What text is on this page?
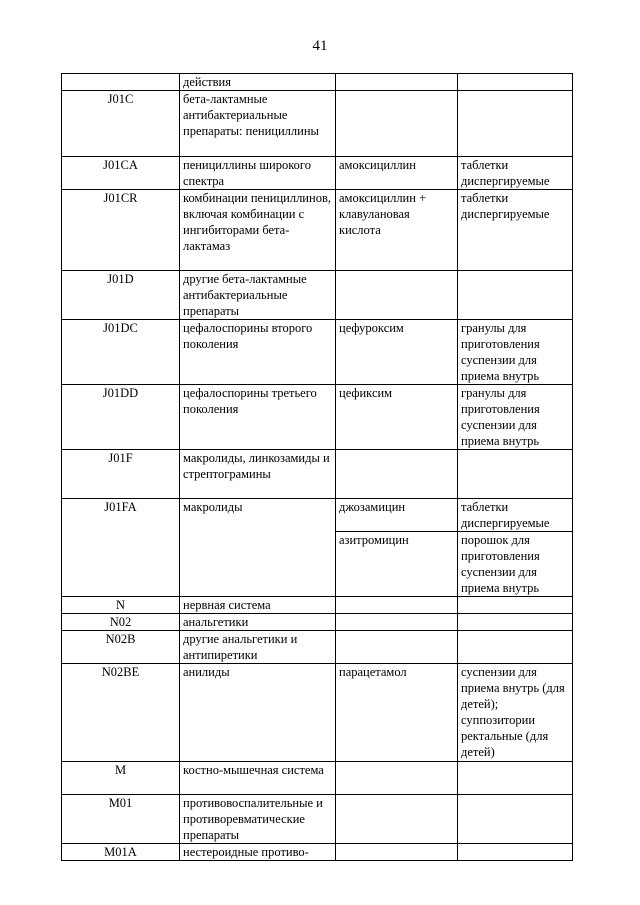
41
	действия		
J01C	бета-лактамные антибактериальные препараты: пенициллины		
J01CA	пенициллины широкого спектра	амоксициллин	таблетки диспергируемые
J01CR	комбинации пенициллинов, включая комбинации с ингибиторами бета-лактамаз	амоксициллин + клавулановая кислота	таблетки диспергируемые
J01D	другие бета-лактамные антибактериальные препараты		
J01DC	цефалоспорины второго поколения	цефуроксим	гранулы для приготовления суспензии для приема внутрь
J01DD	цефалоспорины третьего поколения	цефиксим	гранулы для приготовления суспензии для приема внутрь
J01F	макролиды, линкозамиды и стрептограмины		
J01FA	макролиды	джозамицин	таблетки диспергируемые
		азитромицин	порошок для приготовления суспензии для приема внутрь
N	нервная система		
N02	анальгетики		
N02B	другие анальгетики и антипиретики		
N02BE	анилиды	парацетамол	суспензии для приема внутрь (для детей); суппозитории ректальные (для детей)
M	костно-мышечная система		
M01	противовоспалительные и противоревматические препараты		
M01A	нестероидные противо-		
